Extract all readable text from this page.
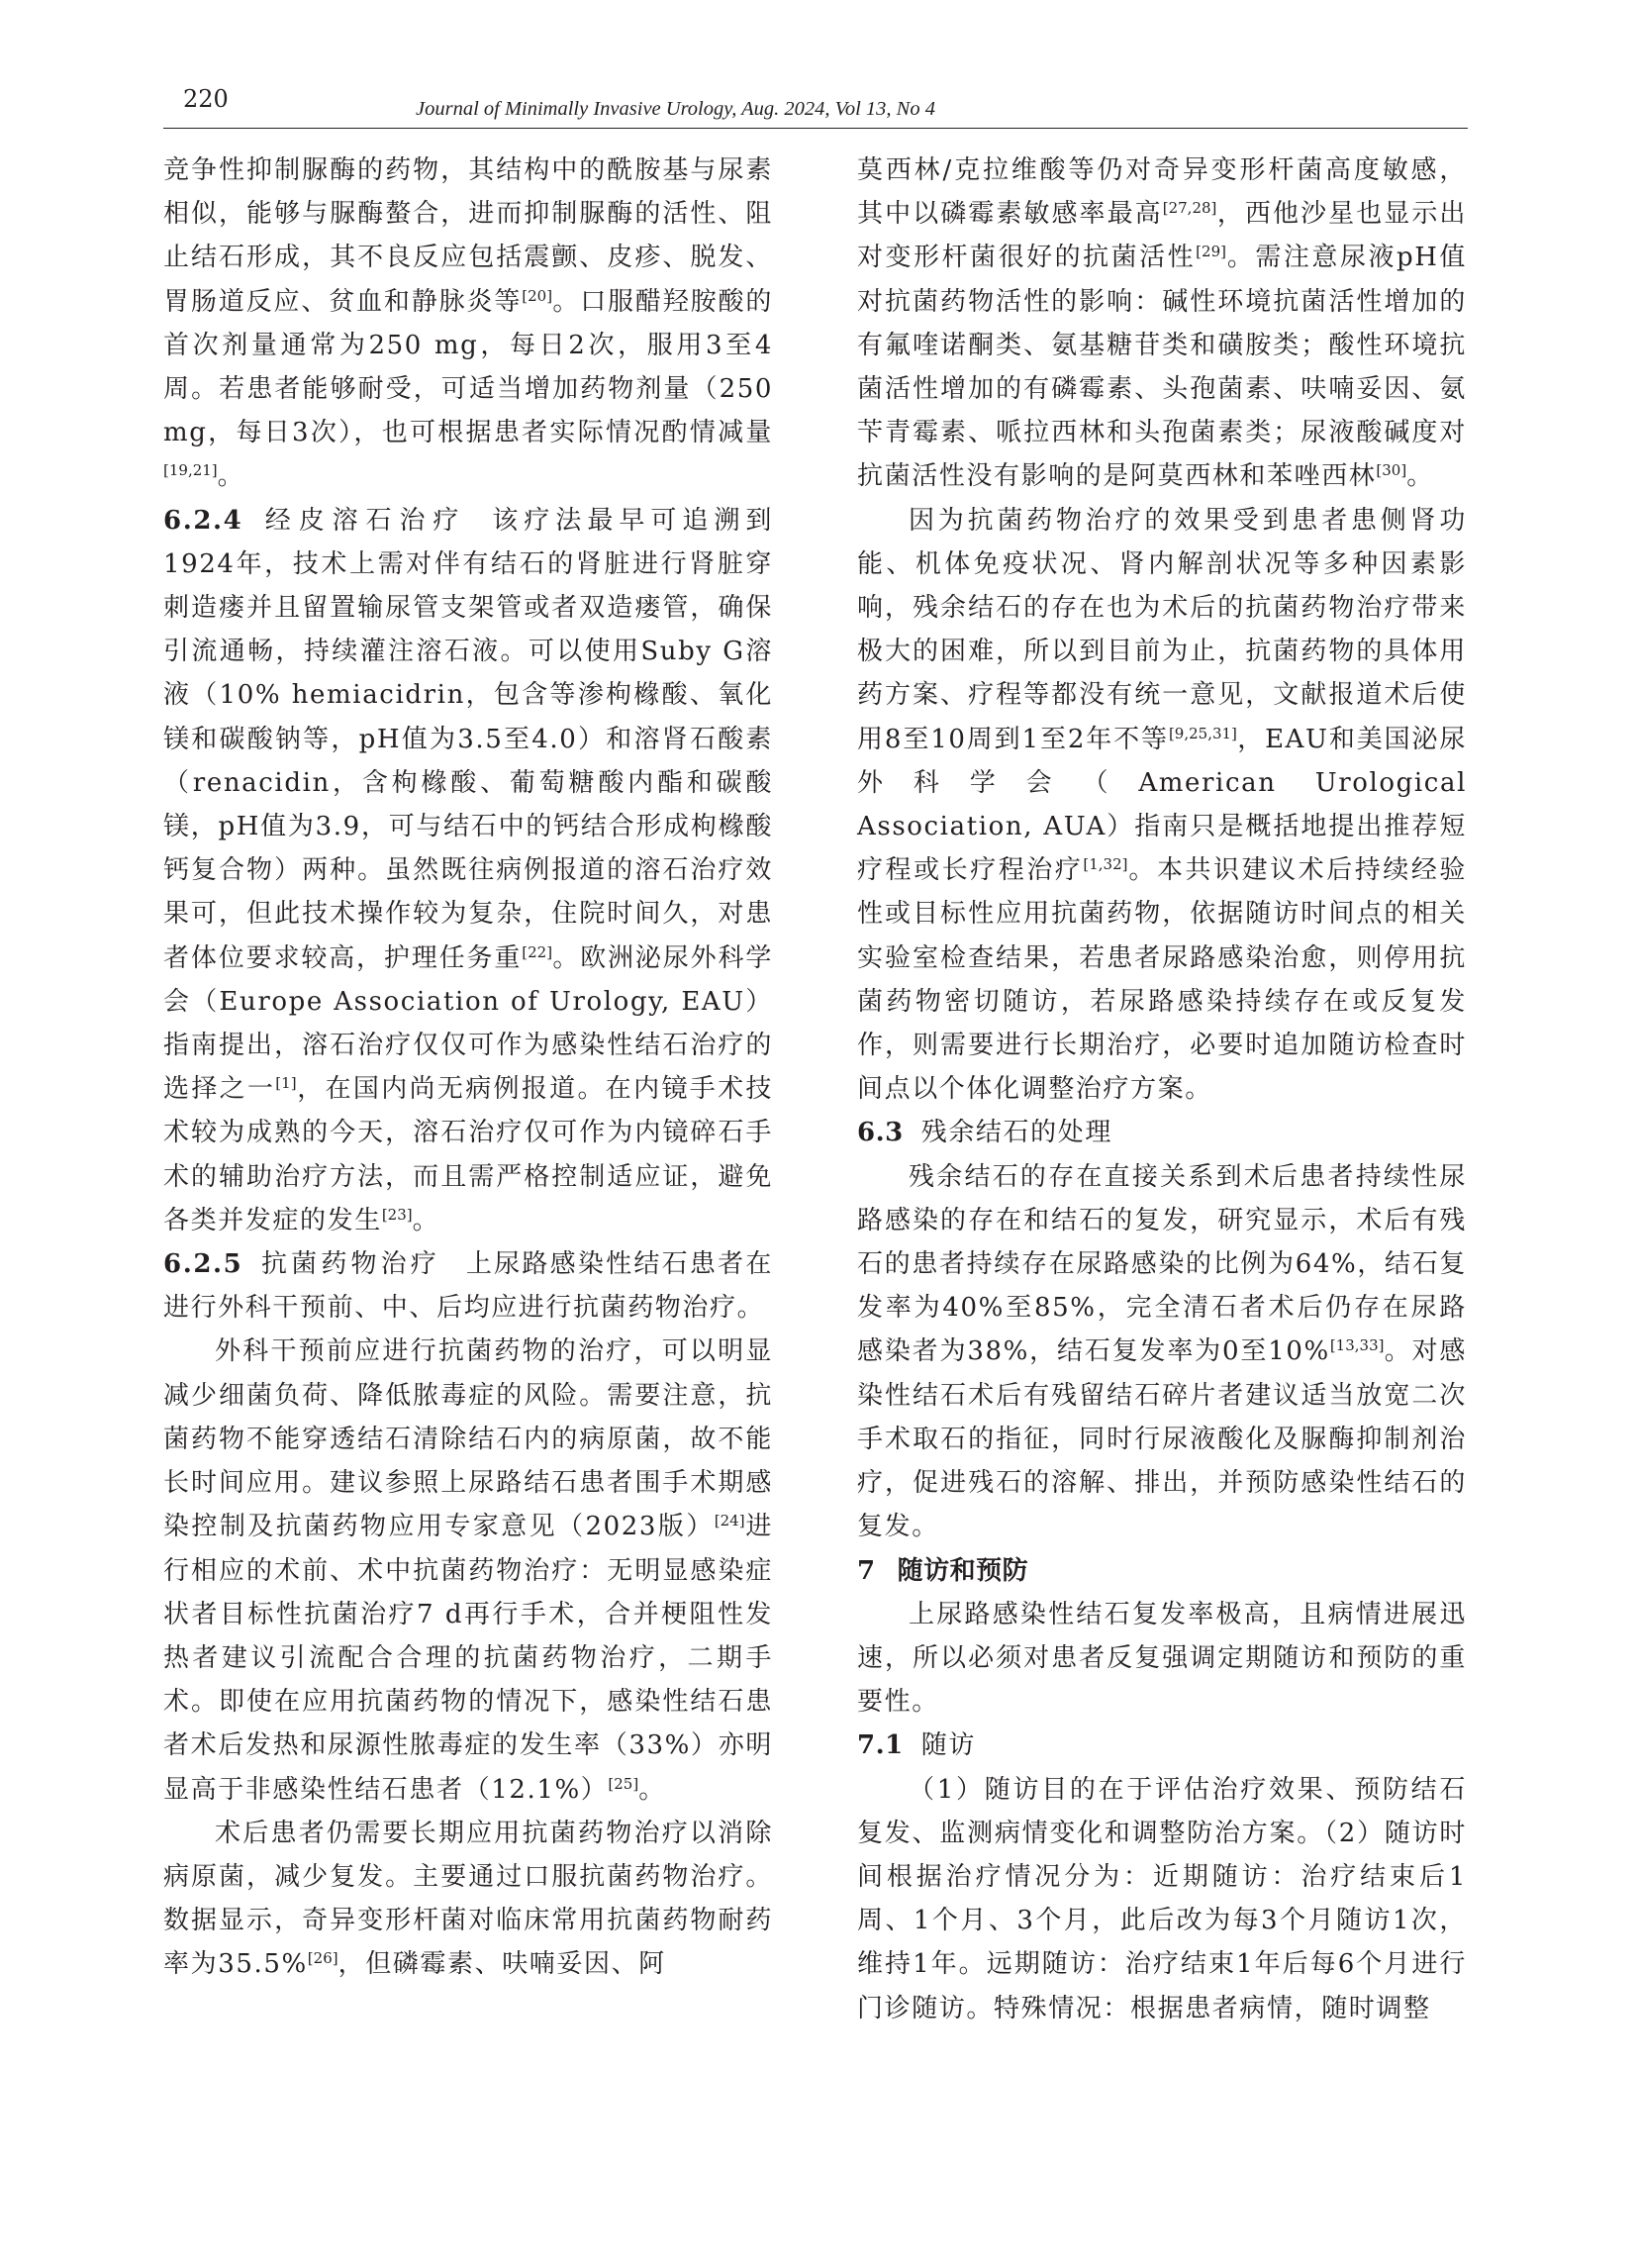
220	Journal of Minimally Invasive Urology, Aug. 2024, Vol 13, No 4

竞争性抑制脲酶的药物，其结构中的酰胺基与尿素相似，能够与脲酶螯合，进而抑制脲酶的活性、阻止结石形成，其不良反应包括震颤、皮疹、脱发、胃肠道反应、贫血和静脉炎等[20]。口服醋羟胺酸的首次剂量通常为250 mg，每日2次，服用3至4周。若患者能够耐受，可适当增加药物剂量（250 mg，每日3次），也可根据患者实际情况酌情减量[19,21]。

6.2.4 经皮溶石治疗 该疗法最早可追溯到1924年，技术上需对伴有结石的肾脏进行肾脏穿刺造瘘并且留置输尿管支架管或者双造瘘管，确保引流通畅，持续灌注溶石液。可以使用Suby G溶液（10% hemiacidrin，包含等渗枸橼酸、氧化镁和碳酸钠等，pH值为3.5至4.0）和溶肾石酸素（renacidin，含枸橼酸、葡萄糖酸内酯和碳酸镁，pH值为3.9，可与结石中的钙结合形成枸橼酸钙复合物）两种。虽然既往病例报道的溶石治疗效果可，但此技术操作较为复杂，住院时间久，对患者体位要求较高，护理任务重[22]。欧洲泌尿外科学会（Europe Association of Urology, EAU）指南提出，溶石治疗仅仅可作为感染性结石治疗的选择之一[1]，在国内尚无病例报道。在内镜手术技术较为成熟的今天，溶石治疗仅可作为内镜碎石手术的辅助治疗方法，而且需严格控制适应证，避免各类并发症的发生[23]。

6.2.5 抗菌药物治疗 上尿路感染性结石患者在进行外科干预前、中、后均应进行抗菌药物治疗。

外科干预前应进行抗菌药物的治疗，可以明显减少细菌负荷、降低脓毒症的风险。需要注意，抗菌药物不能穿透结石清除结石内的病原菌，故不能长时间应用。建议参照上尿路结石患者围手术期感染控制及抗菌药物应用专家意见（2023版）[24]进行相应的术前、术中抗菌药物治疗：无明显感染症状者目标性抗菌治疗7 d再行手术，合并梗阻性发热者建议引流配合合理的抗菌药物治疗，二期手术。即使在应用抗菌药物的情况下，感染性结石患者术后发热和尿源性脓毒症的发生率（33%）亦明显高于非感染性结石患者（12.1%）[25]。

术后患者仍需要长期应用抗菌药物治疗以消除病原菌，减少复发。主要通过口服抗菌药物治疗。数据显示，奇异变形杆菌对临床常用抗菌药物耐药率为35.5%[26]，但磷霉素、呋喃妥因、阿

莫西林/克拉维酸等仍对奇异变形杆菌高度敏感，其中以磷霉素敏感率最高[27,28]，西他沙星也显示出对变形杆菌很好的抗菌活性[29]。需注意尿液pH值对抗菌药物活性的影响：碱性环境抗菌活性增加的有氟喹诺酮类、氨基糖苷类和磺胺类；酸性环境抗菌活性增加的有磷霉素、头孢菌素、呋喃妥因、氨苄青霉素、哌拉西林和头孢菌素类；尿液酸碱度对抗菌活性没有影响的是阿莫西林和苯唑西林[30]。

因为抗菌药物治疗的效果受到患者患侧肾功能、机体免疫状况、肾内解剖状况等多种因素影响，残余结石的存在也为术后的抗菌药物治疗带来极大的困难，所以到目前为止，抗菌药物的具体用药方案、疗程等都没有统一意见，文献报道术后使用8至10周到1至2年不等[9,25,31]，EAU和美国泌尿外科学会（American Urological Association, AUA）指南只是概括地提出推荐短疗程或长疗程治疗[1,32]。本共识建议术后持续经验性或目标性应用抗菌药物，依据随访时间点的相关实验室检查结果，若患者尿路感染治愈，则停用抗菌药物密切随访，若尿路感染持续存在或反复发作，则需要进行长期治疗，必要时追加随访检查时间点以个体化调整治疗方案。

6.3 残余结石的处理

残余结石的存在直接关系到术后患者持续性尿路感染的存在和结石的复发，研究显示，术后有残石的患者持续存在尿路感染的比例为64%，结石复发率为40%至85%，完全清石者术后仍存在尿路感染者为38%，结石复发率为0至10%[13,33]。对感染性结石术后有残留结石碎片者建议适当放宽二次手术取石的指征，同时行尿液酸化及脲酶抑制剂治疗，促进残石的溶解、排出，并预防感染性结石的复发。

7 随访和预防

上尿路感染性结石复发率极高，且病情进展迅速，所以必须对患者反复强调定期随访和预防的重要性。

7.1 随访

（1）随访目的在于评估治疗效果、预防结石复发、监测病情变化和调整防治方案。（2）随访时间根据治疗情况分为：近期随访：治疗结束后1周、1个月、3个月，此后改为每3个月随访1次，维持1年。远期随访：治疗结束1年后每6个月进行门诊随访。特殊情况：根据患者病情，随时调整
